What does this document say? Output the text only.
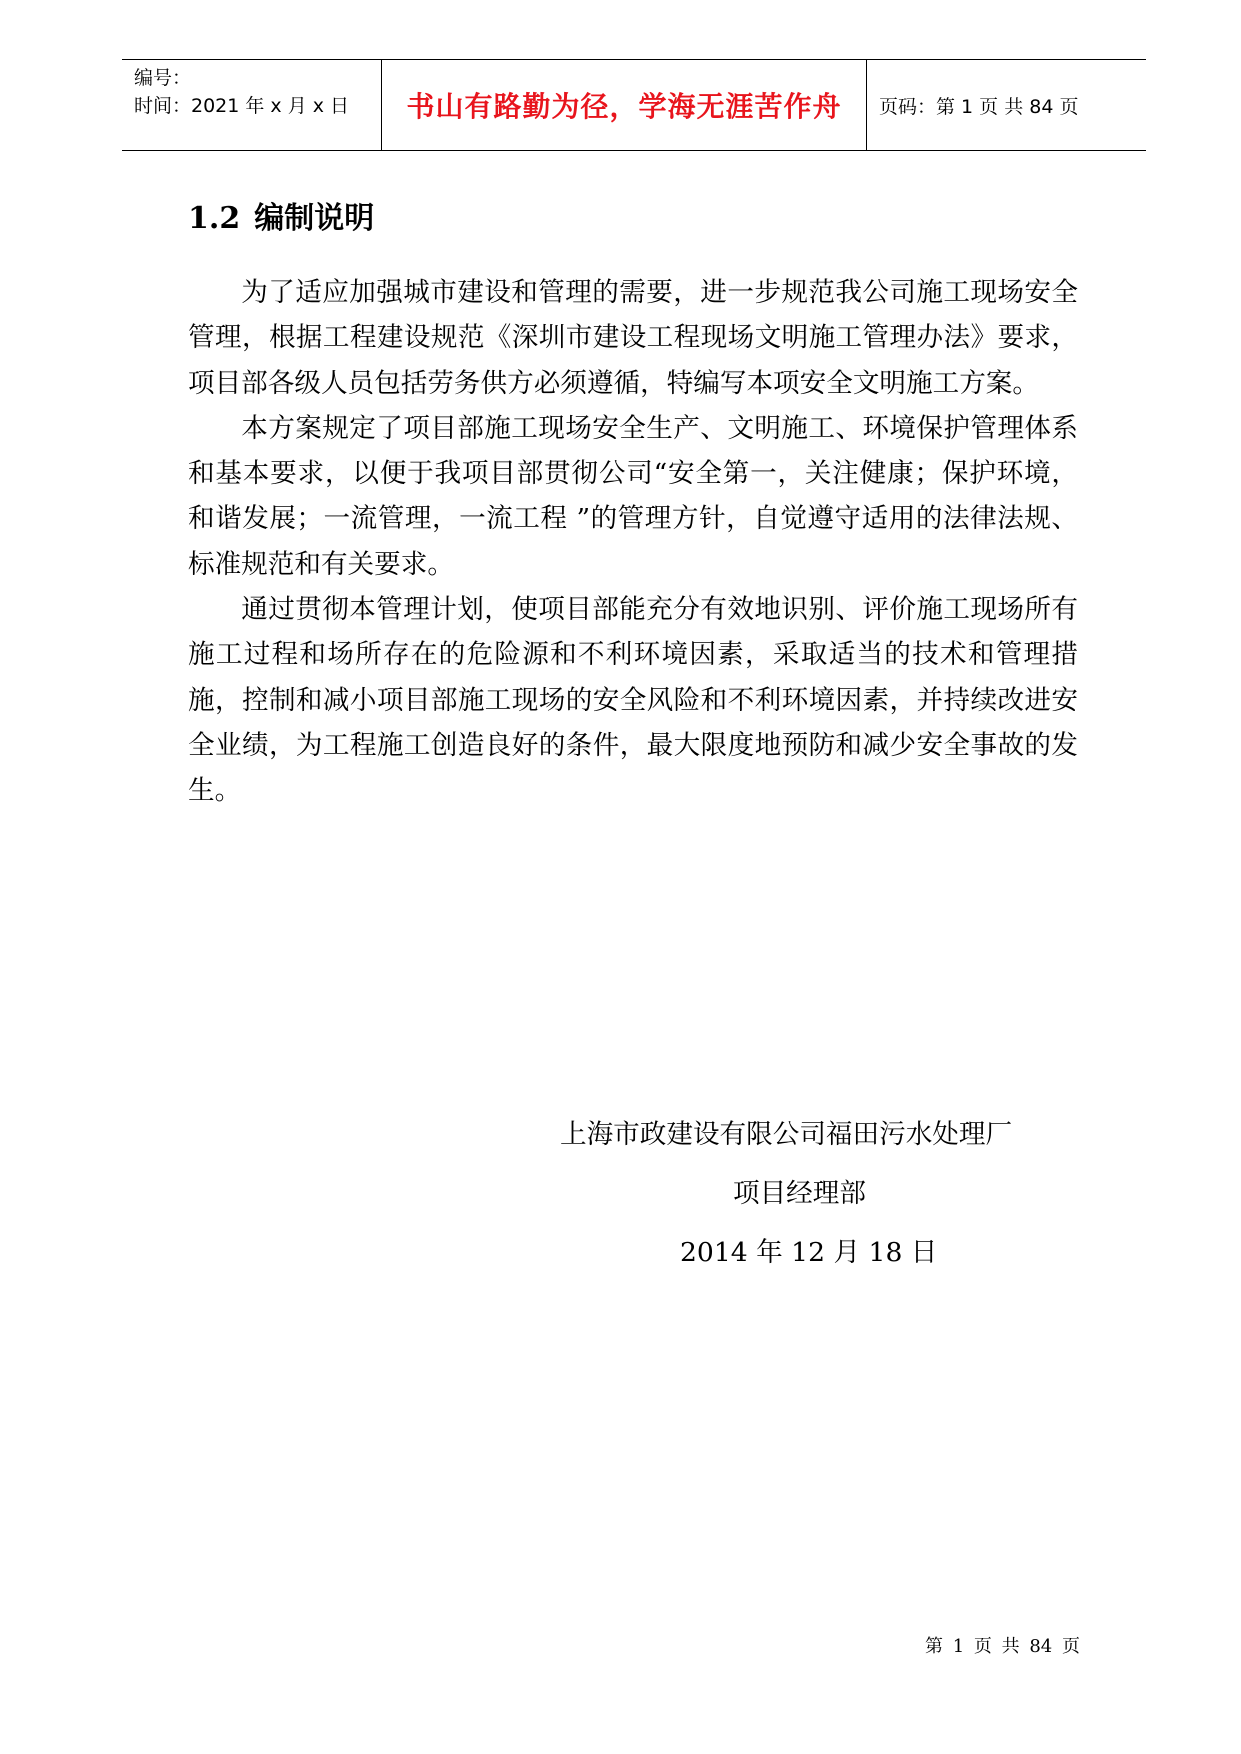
编号：
时间：2021 年 x 月 x 日	书山有路勤为径，学海无涯苦作舟	页码：第 1 页 共 84 页
1.2 编制说明

为了适应加强城市建设和管理的需要，进一步规范我公司施工现场安全管理，根据工程建设规范《深圳市建设工程现场文明施工管理办法》要求，项目部各级人员包括劳务供方必须遵循，特编写本项安全文明施工方案。

本方案规定了项目部施工现场安全生产、文明施工、环境保护管理体系和基本要求，以便于我项目部贯彻公司“安全第一，关注健康；保护环境，和谐发展；一流管理，一流工程 ”的管理方针，自觉遵守适用的法律法规、标准规范和有关要求。

通过贯彻本管理计划，使项目部能充分有效地识别、评价施工现场所有施工过程和场所存在的危险源和不利环境因素，采取适当的技术和管理措施，控制和减小项目部施工现场的安全风险和不利环境因素，并持续改进安全业绩，为工程施工创造良好的条件，最大限度地预防和减少安全事故的发生。

上海市政建设有限公司福田污水处理厂
项目经理部
2014 年 12 月 18 日
第 1 页 共 84 页
